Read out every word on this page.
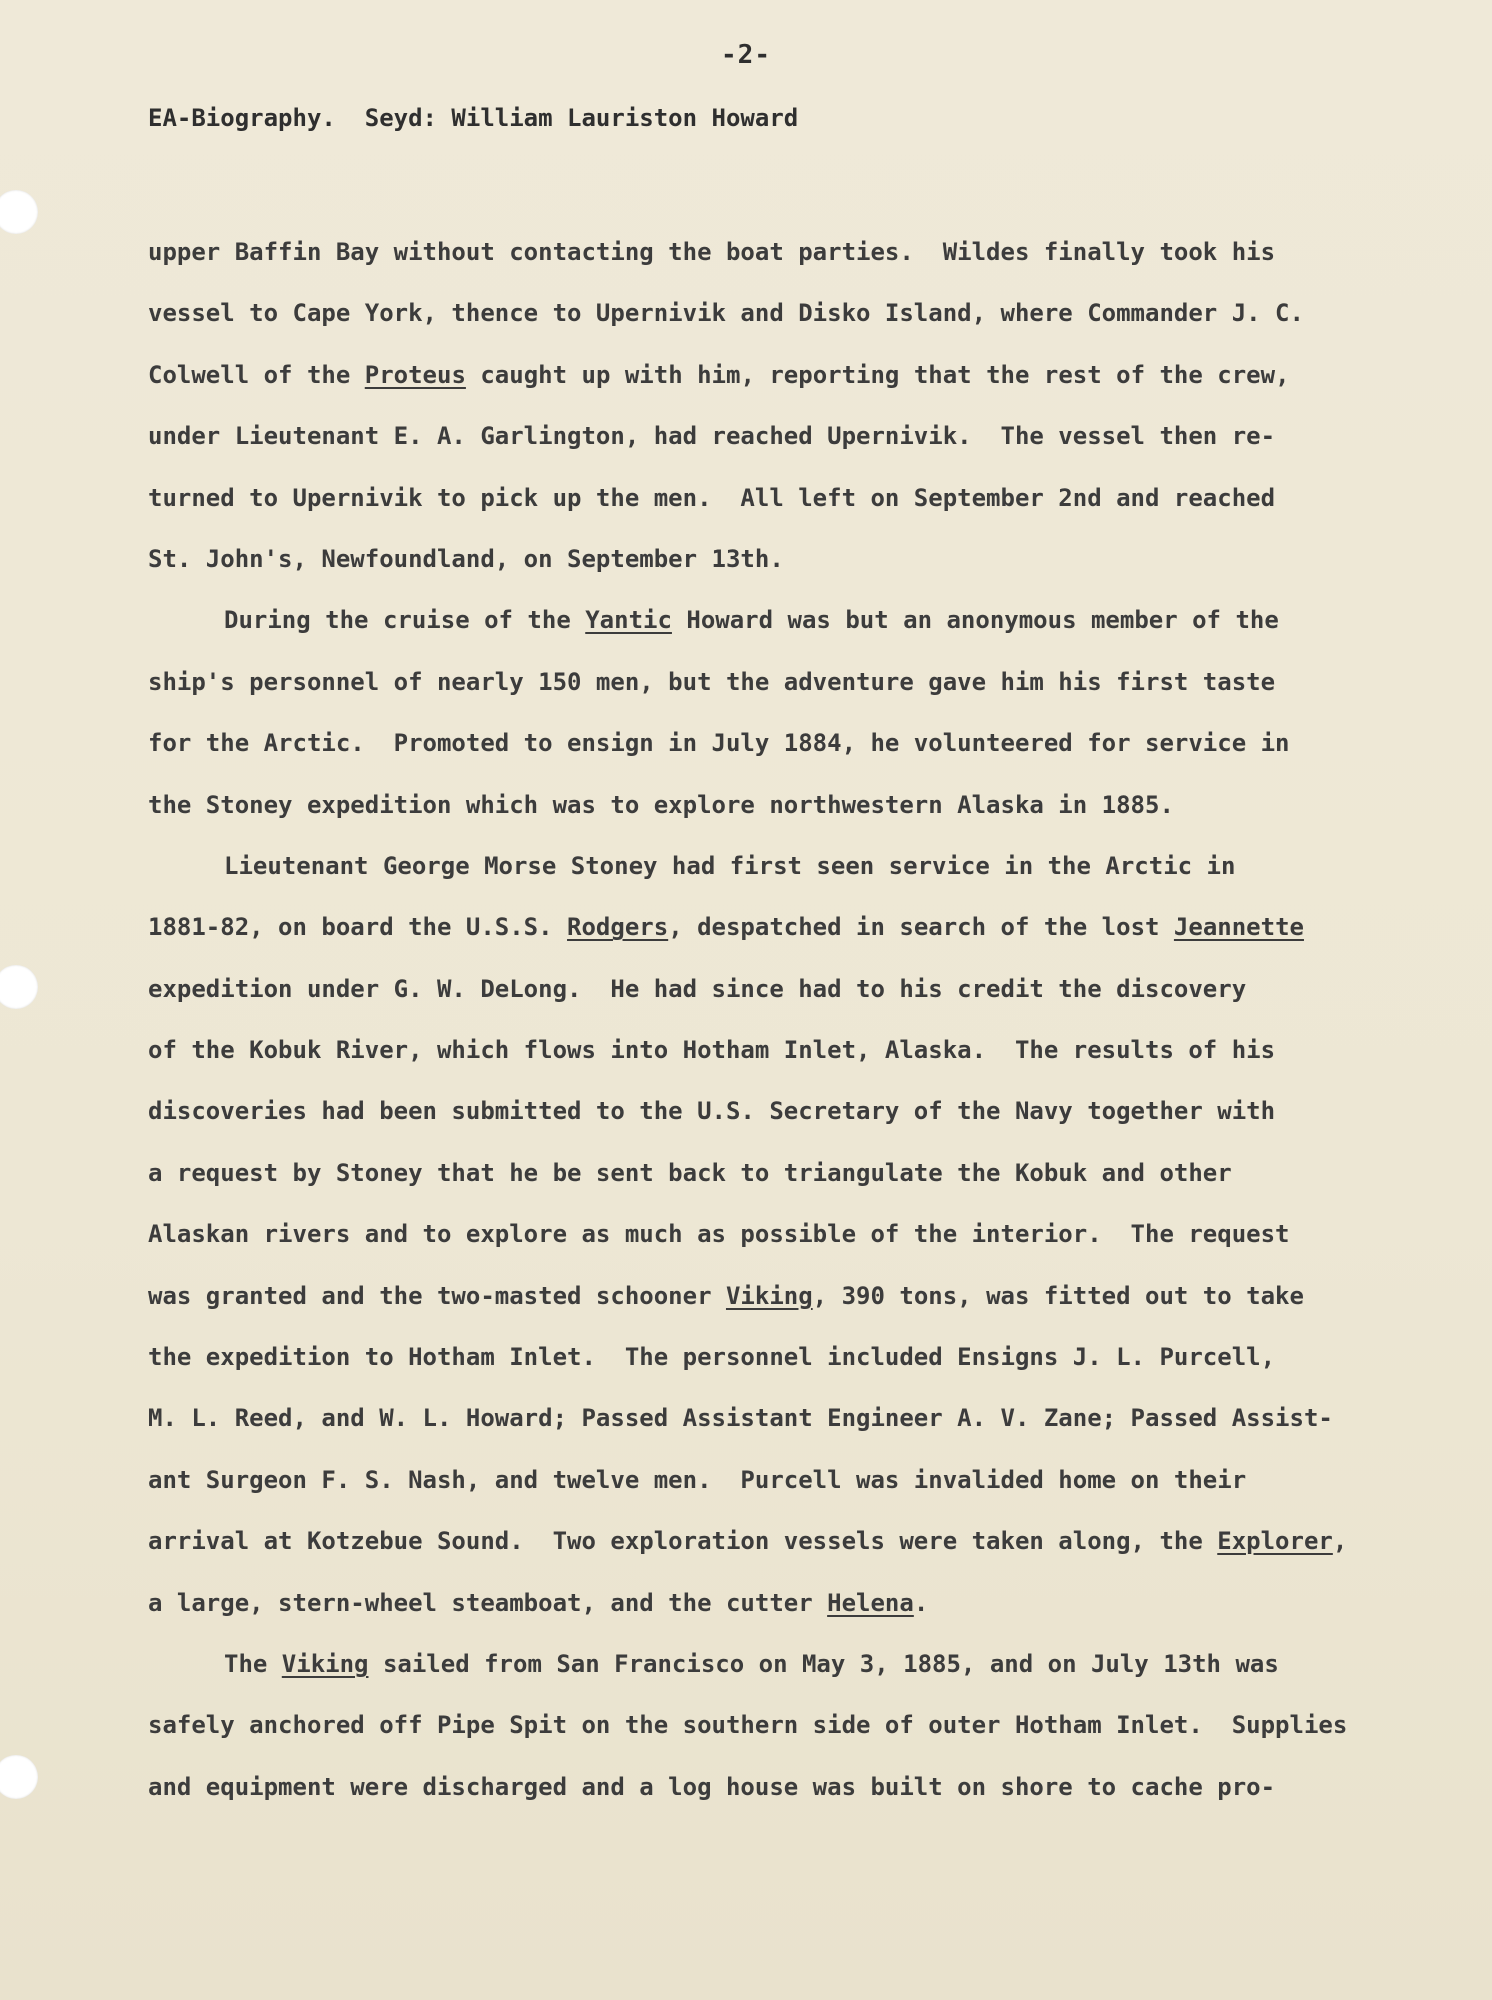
-2-
EA-Biography.  Seyd: William Lauriston Howard
upper Baffin Bay without contacting the boat parties.  Wildes finally took his
vessel to Cape York, thence to Upernivik and Disko Island, where Commander J. C.
Colwell of the Proteus caught up with him, reporting that the rest of the crew,
under Lieutenant E. A. Garlington, had reached Upernivik.  The vessel then re-
turned to Upernivik to pick up the men.  All left on September 2nd and reached
St. John's, Newfoundland, on September 13th.
During the cruise of the Yantic Howard was but an anonymous member of the
ship's personnel of nearly 150 men, but the adventure gave him his first taste
for the Arctic.  Promoted to ensign in July 1884, he volunteered for service in
the Stoney expedition which was to explore northwestern Alaska in 1885.
Lieutenant George Morse Stoney had first seen service in the Arctic in
1881-82, on board the U.S.S. Rodgers, despatched in search of the lost Jeannette
expedition under G. W. DeLong.  He had since had to his credit the discovery
of the Kobuk River, which flows into Hotham Inlet, Alaska.  The results of his
discoveries had been submitted to the U.S. Secretary of the Navy together with
a request by Stoney that he be sent back to triangulate the Kobuk and other
Alaskan rivers and to explore as much as possible of the interior.  The request
was granted and the two-masted schooner Viking, 390 tons, was fitted out to take
the expedition to Hotham Inlet.  The personnel included Ensigns J. L. Purcell,
M. L. Reed, and W. L. Howard; Passed Assistant Engineer A. V. Zane; Passed Assist-
ant Surgeon F. S. Nash, and twelve men.  Purcell was invalided home on their
arrival at Kotzebue Sound.  Two exploration vessels were taken along, the Explorer,
a large, stern-wheel steamboat, and the cutter Helena.
The Viking sailed from San Francisco on May 3, 1885, and on July 13th was
safely anchored off Pipe Spit on the southern side of outer Hotham Inlet.  Supplies
and equipment were discharged and a log house was built on shore to cache pro-
